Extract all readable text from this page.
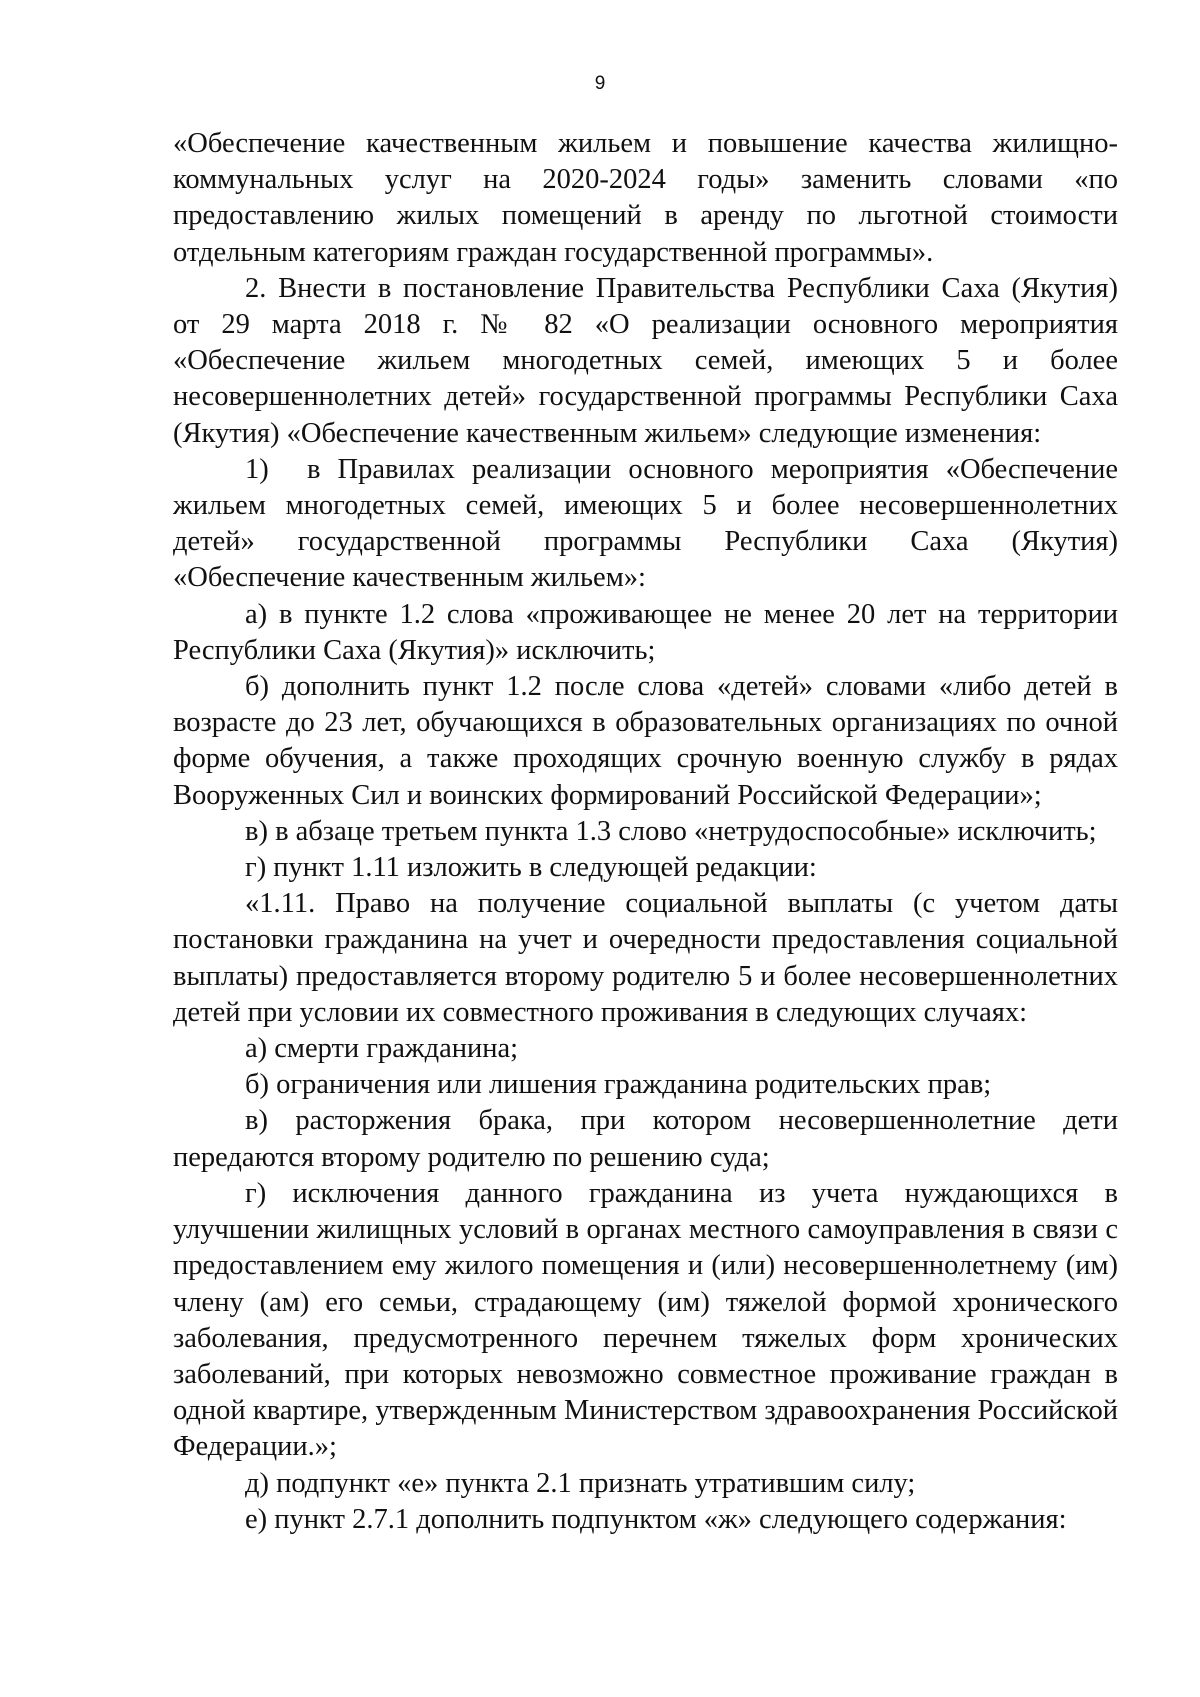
9

«Обеспечение качественным жильем и повышение качества жилищно-коммунальных услуг на 2020-2024 годы» заменить словами «по предоставлению жилых помещений в аренду по льготной стоимости отдельным категориям граждан государственной программы».

2. Внести в постановление Правительства Республики Саха (Якутия) от 29 марта 2018 г. № 82 «О реализации основного мероприятия «Обеспечение жильем многодетных семей, имеющих 5 и более несовершеннолетних детей» государственной программы Республики Саха (Якутия) «Обеспечение качественным жильем» следующие изменения:

1) в Правилах реализации основного мероприятия «Обеспечение жильем многодетных семей, имеющих 5 и более несовершеннолетних детей» государственной программы Республики Саха (Якутия) «Обеспечение качественным жильем»:

а) в пункте 1.2 слова «проживающее не менее 20 лет на территории Республики Саха (Якутия)» исключить;

б) дополнить пункт 1.2 после слова «детей» словами «либо детей в возрасте до 23 лет, обучающихся в образовательных организациях по очной форме обучения, а также проходящих срочную военную службу в рядах Вооруженных Сил и воинских формирований Российской Федерации»;

в) в абзаце третьем пункта 1.3 слово «нетрудоспособные» исключить;

г) пункт 1.11 изложить в следующей редакции:

«1.11. Право на получение социальной выплаты (с учетом даты постановки гражданина на учет и очередности предоставления социальной выплаты) предоставляется второму родителю 5 и более несовершеннолетних детей при условии их совместного проживания в следующих случаях:

а) смерти гражданина;

б) ограничения или лишения гражданина родительских прав;

в) расторжения брака, при котором несовершеннолетние дети передаются второму родителю по решению суда;

г) исключения данного гражданина из учета нуждающихся в улучшении жилищных условий в органах местного самоуправления в связи с предоставлением ему жилого помещения и (или) несовершеннолетнему (им) члену (ам) его семьи, страдающему (им) тяжелой формой хронического заболевания, предусмотренного перечнем тяжелых форм хронических заболеваний, при которых невозможно совместное проживание граждан в одной квартире, утвержденным Министерством здравоохранения Российской Федерации.»;

д) подпункт «е» пункта 2.1 признать утратившим силу;

е) пункт 2.7.1 дополнить подпунктом «ж» следующего содержания:
